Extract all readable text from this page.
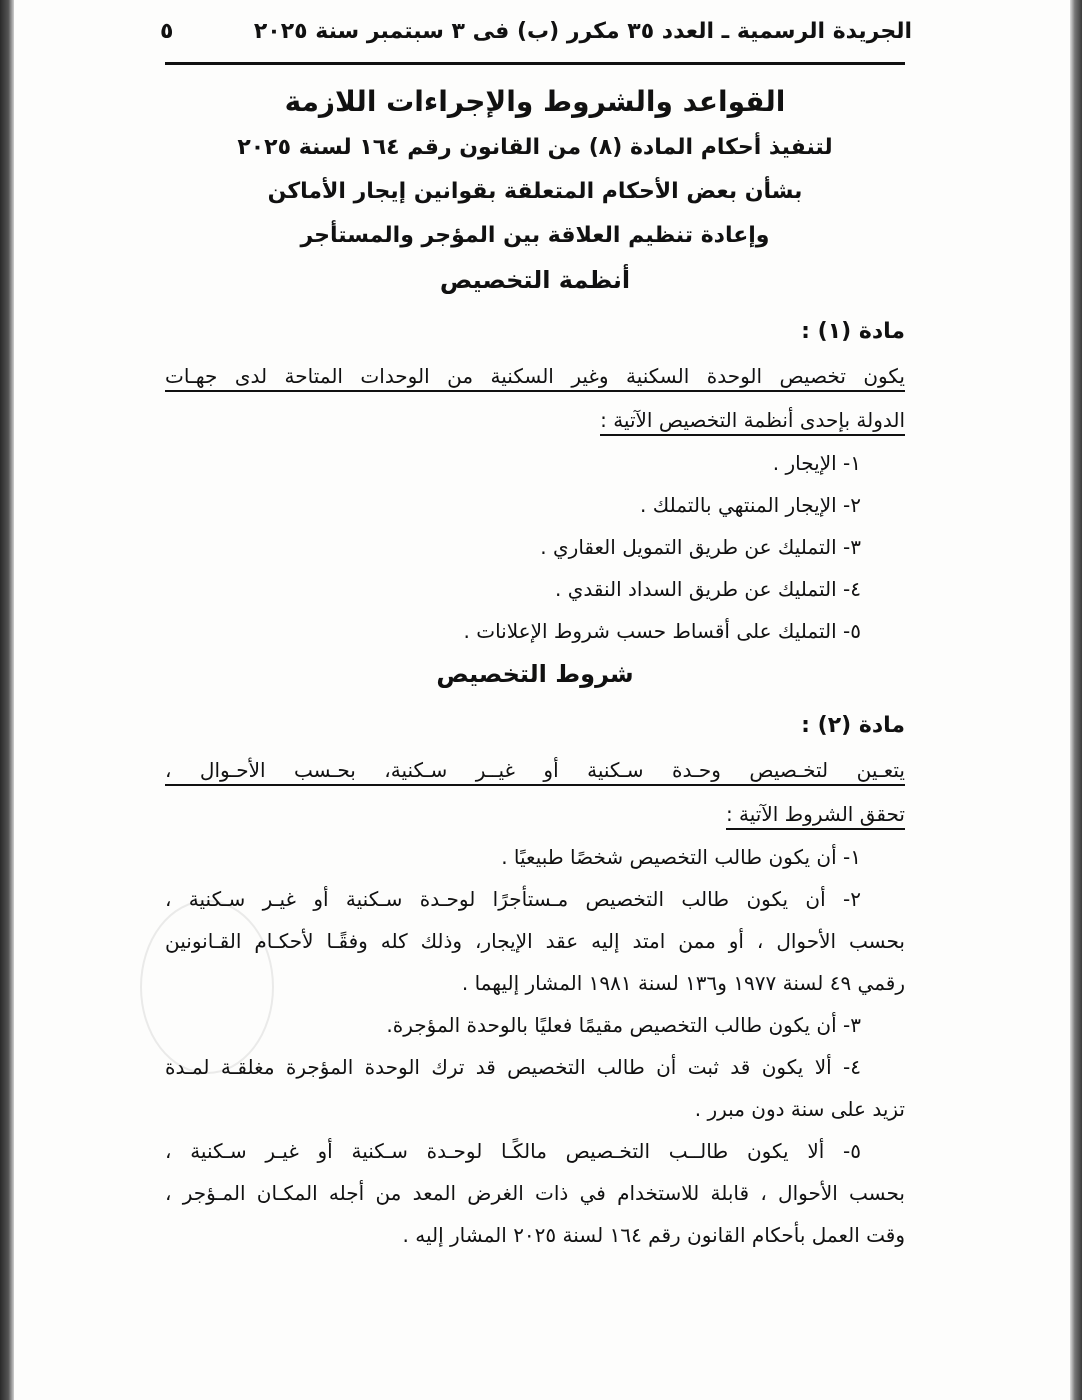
الجريدة الرسمية ـ العدد ٣٥ مكرر (ب) فى ٣ سبتمبر سنة ٢٠٢٥
٥
القواعد والشروط والإجراءات اللازمة
لتنفيذ أحكام المادة (٨) من القانون رقم ١٦٤ لسنة ٢٠٢٥
بشأن بعض الأحكام المتعلقة بقوانين إيجار الأماكن
وإعادة تنظيم العلاقة بين المؤجر والمستأجر
أنظمة التخصيص
مادة (١) :
يكون تخصيص الوحدة السكنية وغير السكنية من الوحدات المتاحة لدى جهـات
الدولة بإحدى أنظمة التخصيص الآتية :
١- الإيجار .
٢- الإيجار المنتهي بالتملك .
٣- التمليك عن طريق التمويل العقاري .
٤- التمليك عن طريق السداد النقدي .
٥- التمليك على أقساط حسب شروط الإعلانات .
شروط التخصيص
مادة (٢) :
يتعـين لتخـصيص وحـدة سـكنية أو غيــر سـكنية، بحـسب الأحـوال ،
تحقق الشروط الآتية :
١- أن يكون طالب التخصيص شخصًا طبيعيًا .
٢- أن يكون طالب التخصيص مـستأجرًا لوحـدة سـكنية أو غيـر سـكنية ،
بحسب الأحوال ، أو ممن امتد إليه عقد الإيجار، وذلك كله وفقًـا لأحكـام القـانونين
رقمي ٤٩ لسنة ١٩٧٧ و١٣٦ لسنة ١٩٨١ المشار إليهما .
٣- أن يكون طالب التخصيص مقيمًا فعليًا بالوحدة المؤجرة.
٤- ألا يكون قد ثبت أن طالب التخصيص قد ترك الوحدة المؤجرة مغلقـة لمـدة
تزيد على سنة دون مبرر .
٥- ألا يكون طالــب التخـصيص مالكًـا لوحـدة سـكنية أو غيـر سـكنية ،
بحسب الأحوال ، قابلة للاستخدام في ذات الغرض المعد من أجله المكـان المـؤجر ،
وقت العمل بأحكام القانون رقم ١٦٤ لسنة ٢٠٢٥ المشار إليه .
